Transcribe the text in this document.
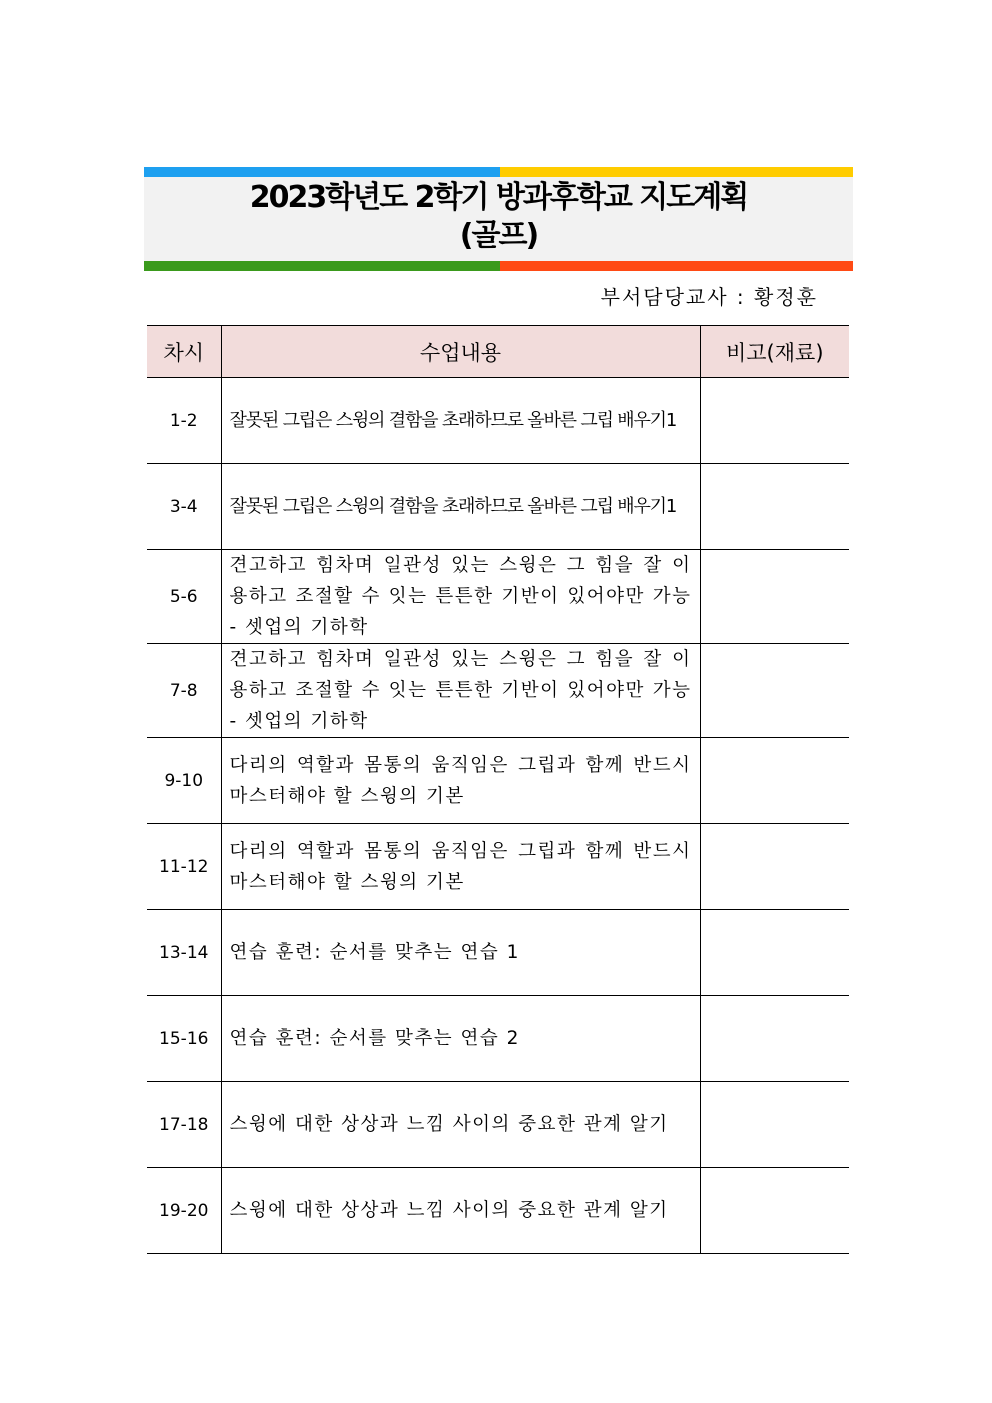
2023학년도 2학기 방과후학교 지도계획
(골프)
부서담당교사 : 황정훈
차시	수업내용	비고(재료)
1-2	잘못된 그립은 스윙의 결함을 초래하므로 올바른 그립 배우기1	
3-4	잘못된 그립은 스윙의 결함을 초래하므로 올바른 그립 배우기1	
5-6	견고하고 힘차며 일관성 있는 스윙은 그 힘을 잘 이용하고 조절할 수 잇는 튼튼한 기반이 있어야만 가능 - 셋업의 기하학	
7-8	견고하고 힘차며 일관성 있는 스윙은 그 힘을 잘 이용하고 조절할 수 잇는 튼튼한 기반이 있어야만 가능 - 셋업의 기하학	
9-10	다리의 역할과 몸통의 움직임은 그립과 함께 반드시 마스터해야 할 스윙의 기본	
11-12	다리의 역할과 몸통의 움직임은 그립과 함께 반드시 마스터해야 할 스윙의 기본	
13-14	연습 훈련: 순서를 맞추는 연습 1	
15-16	연습 훈련: 순서를 맞추는 연습 2	
17-18	스윙에 대한 상상과 느낌 사이의 중요한 관계 알기	
19-20	스윙에 대한 상상과 느낌 사이의 중요한 관계 알기	
